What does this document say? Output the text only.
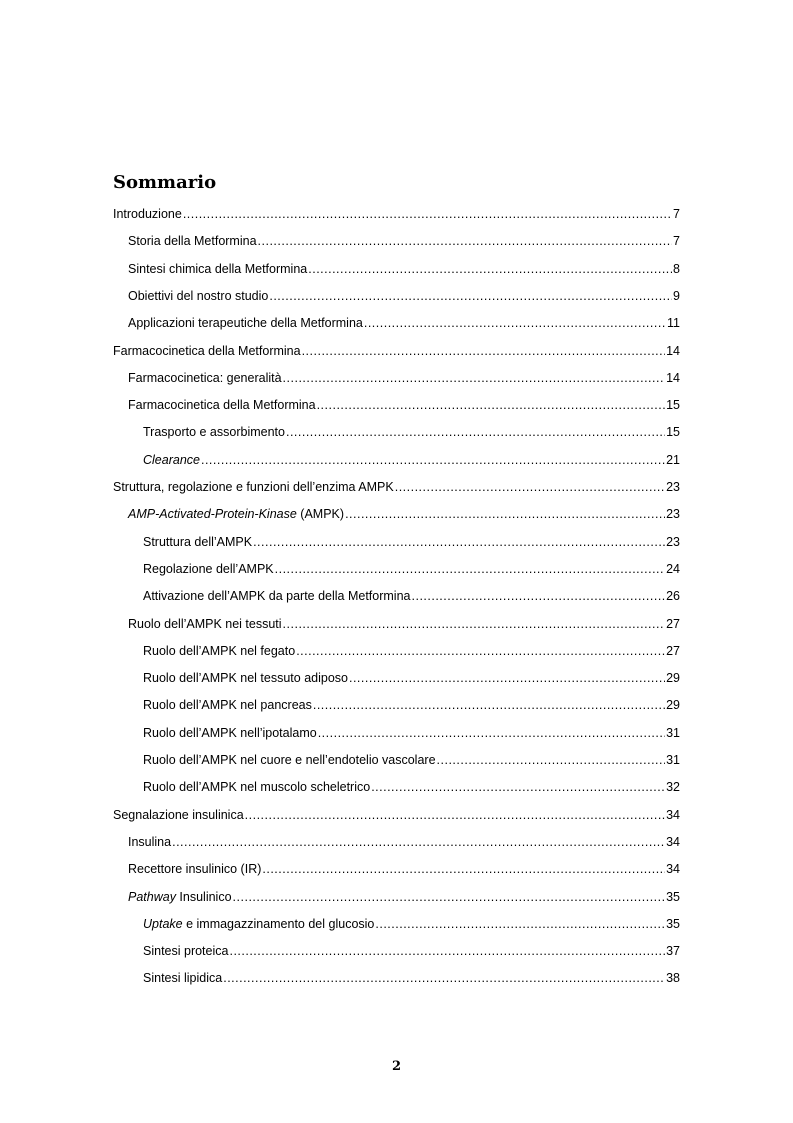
Sommario
Introduzione .....	7
Storia della Metformina .....	7
Sintesi chimica della Metformina .....	8
Obiettivi del nostro studio .....	9
Applicazioni terapeutiche della Metformina .....	11
Farmacocinetica della Metformina .....	14
Farmacocinetica: generalità .....	14
Farmacocinetica della Metformina .....	15
Trasporto e assorbimento .....	15
Clearance .....	21
Struttura, regolazione e funzioni dell’enzima AMPK .....	23
AMP-Activated-Protein-Kinase (AMPK) .....	23
Struttura dell’AMPK .....	23
Regolazione dell’AMPK .....	24
Attivazione dell’AMPK da parte della Metformina .....	26
Ruolo dell’AMPK nei tessuti .....	27
Ruolo dell’AMPK nel fegato .....	27
Ruolo dell’AMPK nel tessuto adiposo .....	29
Ruolo dell’AMPK nel pancreas .....	29
Ruolo dell’AMPK nell’ipotalamo .....	31
Ruolo dell’AMPK nel cuore e nell’endotelio vascolare .....	31
Ruolo dell’AMPK nel muscolo scheletrico .....	32
Segnalazione insulinica .....	34
Insulina .....	34
Recettore insulinico (IR) .....	34
Pathway Insulinico .....	35
Uptake e immagazzinamento del glucosio .....	35
Sintesi proteica .....	37
Sintesi lipidica .....	38
2
